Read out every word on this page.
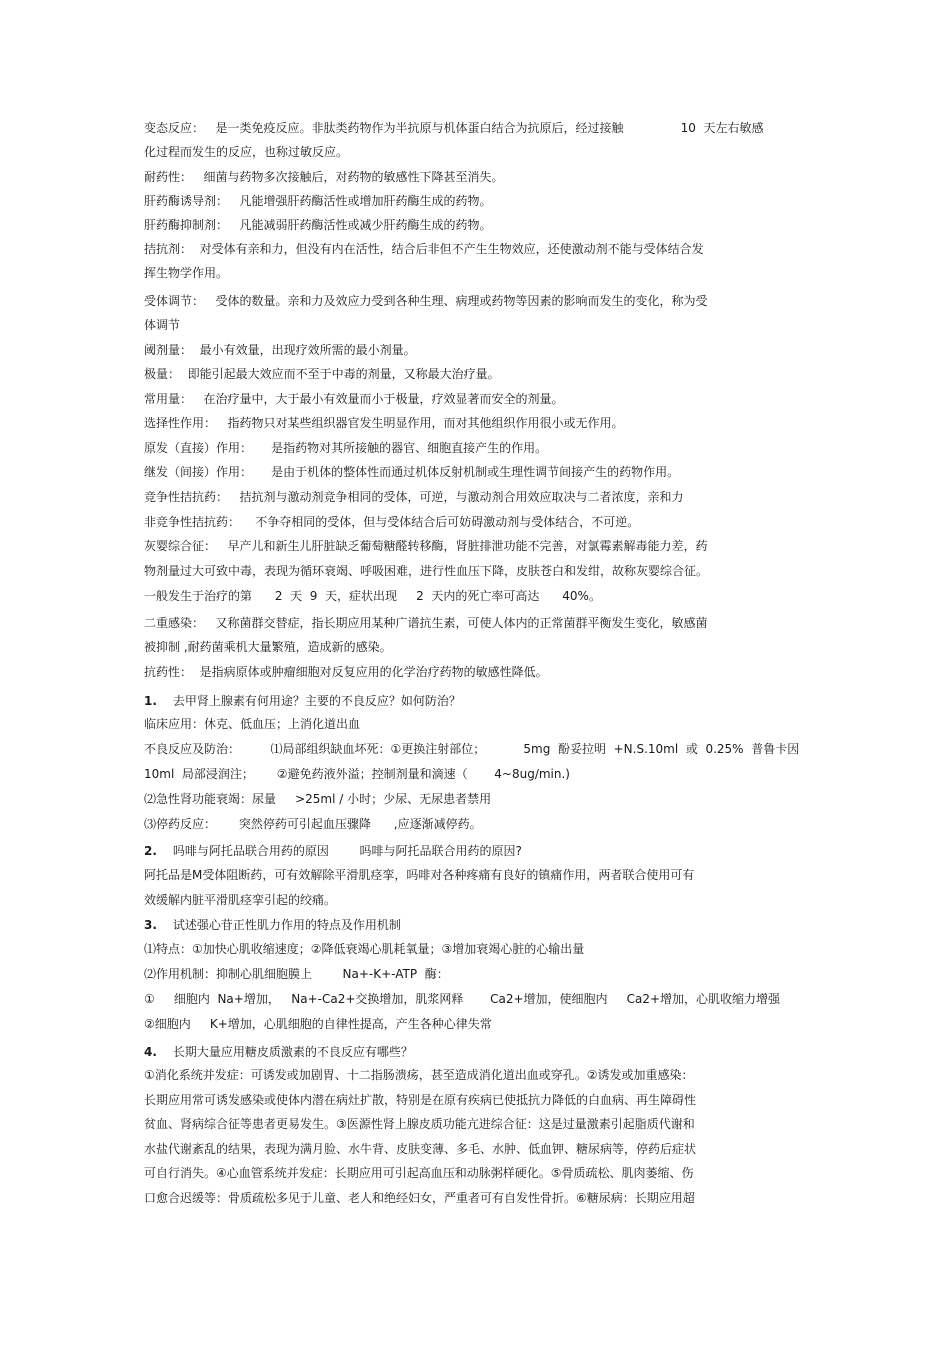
变态反应：   是一类免疫反应。非肽类药物作为半抗原与机体蛋白结合为抗原后，经过接触               10  天左右敏感
化过程而发生的反应，也称过敏反应。
耐药性：   细菌与药物多次接触后，对药物的敏感性下降甚至消失。
肝药酶诱导剂：   凡能增强肝药酶活性或增加肝药酶生成的药物。
肝药酶抑制剂：   凡能减弱肝药酶活性或减少肝药酶生成的药物。
拮抗剂：  对受体有亲和力，但没有内在活性，结合后非但不产生生物效应，还使激动剂不能与受体结合发
挥生物学作用。
受体调节：   受体的数量。亲和力及效应力受到各种生理、病理或药物等因素的影响而发生的变化，称为受
体调节
阈剂量：  最小有效量，出现疗效所需的最小剂量。
极量：  即能引起最大效应而不至于中毒的剂量，又称最大治疗量。
常用量：   在治疗量中，大于最小有效量而小于极量，疗效显著而安全的剂量。
选择性作用：   指药物只对某些组织器官发生明显作用，而对其他组织作用很小或无作用。
原发（直接）作用：     是指药物对其所接触的器官、细胞直接产生的作用。
继发（间接）作用：     是由于机体的整体性而通过机体反射机制或生理性调节间接产生的药物作用。
竞争性拮抗药：   拮抗剂与激动剂竞争相同的受体，可逆，与激动剂合用效应取决与二者浓度，亲和力
非竞争性拮抗药：    不争夺相同的受体，但与受体结合后可妨碍激动剂与受体结合，不可逆。
灰婴综合征：   早产儿和新生儿肝脏缺乏葡萄糖醛转移酶，肾脏排泄功能不完善，对氯霉素解毒能力差，药
物剂量过大可致中毒，表现为循环衰竭、呼吸困难，进行性血压下降，皮肤苍白和发绀，故称灰婴综合征。
一般发生于治疗的第      2  天  9  天，症状出现     2  天内的死亡率可高达      40%。
二重感染：   又称菌群交替症，指长期应用某种广谱抗生素，可使人体内的正常菌群平衡发生变化，敏感菌
被抑制 ,耐药菌乘机大量繁殖，造成新的感染。
抗药性：  是指病原体或肿瘤细胞对反复应用的化学治疗药物的敏感性降低。
1. 去甲肾上腺素有何用途？主要的不良反应？如何防治？
临床应用：休克、低血压；上消化道出血
不良反应及防治：        ⑴局部组织缺血坏死：①更换注射部位；          5mg  酚妥拉明  +N.S.10ml  或  0.25%  普鲁卡因
10ml  局部浸润注；      ②避免药液外溢；控制剂量和滴速（       4~8ug/min.)
⑵急性肾功能衰竭：尿量     >25ml / 小时；少尿、无尿患者禁用
⑶停药反应：      突然停药可引起血压骤降      ,应逐渐减停药。
2. 吗啡与阿托品联合用药的原因        吗啡与阿托品联合用药的原因?
阿托品是M受体阻断药，可有效解除平滑肌痉挛，吗啡对各种疼痛有良好的镇痛作用，两者联合使用可有
效缓解内脏平滑肌痉挛引起的绞痛。
3. 试述强心苷正性肌力作用的特点及作用机制
⑴特点：①加快心肌收缩速度；②降低衰竭心肌耗氧量；③增加衰竭心脏的心输出量
⑵作用机制：抑制心肌细胞膜上        Na+-K+-ATP  酶：
①     细胞内  Na+增加，   Na+-Ca2+交换增加，肌浆网释       Ca2+增加，使细胞内     Ca2+增加，心肌收缩力增强
②细胞内     K+增加，心肌细胞的自律性提高，产生各种心律失常
4. 长期大量应用糖皮质激素的不良反应有哪些？
①消化系统并发症：可诱发或加剧胃、十二指肠溃疡，甚至造成消化道出血或穿孔。②诱发或加重感染：
长期应用常可诱发感染或使体内潜在病灶扩散，特别是在原有疾病已使抵抗力降低的白血病、再生障碍性
贫血、肾病综合征等患者更易发生。③医源性肾上腺皮质功能亢进综合征：这是过量激素引起脂质代谢和
水盐代谢紊乱的结果，表现为满月脸、水牛背、皮肤变薄、多毛、水肿、低血钾、糖尿病等，停药后症状
可自行消失。④心血管系统并发症：长期应用可引起高血压和动脉粥样硬化。⑤骨质疏松、肌肉萎缩、伤
口愈合迟缓等：骨质疏松多见于儿童、老人和绝经妇女，严重者可有自发性骨折。⑥糖尿病：长期应用超
